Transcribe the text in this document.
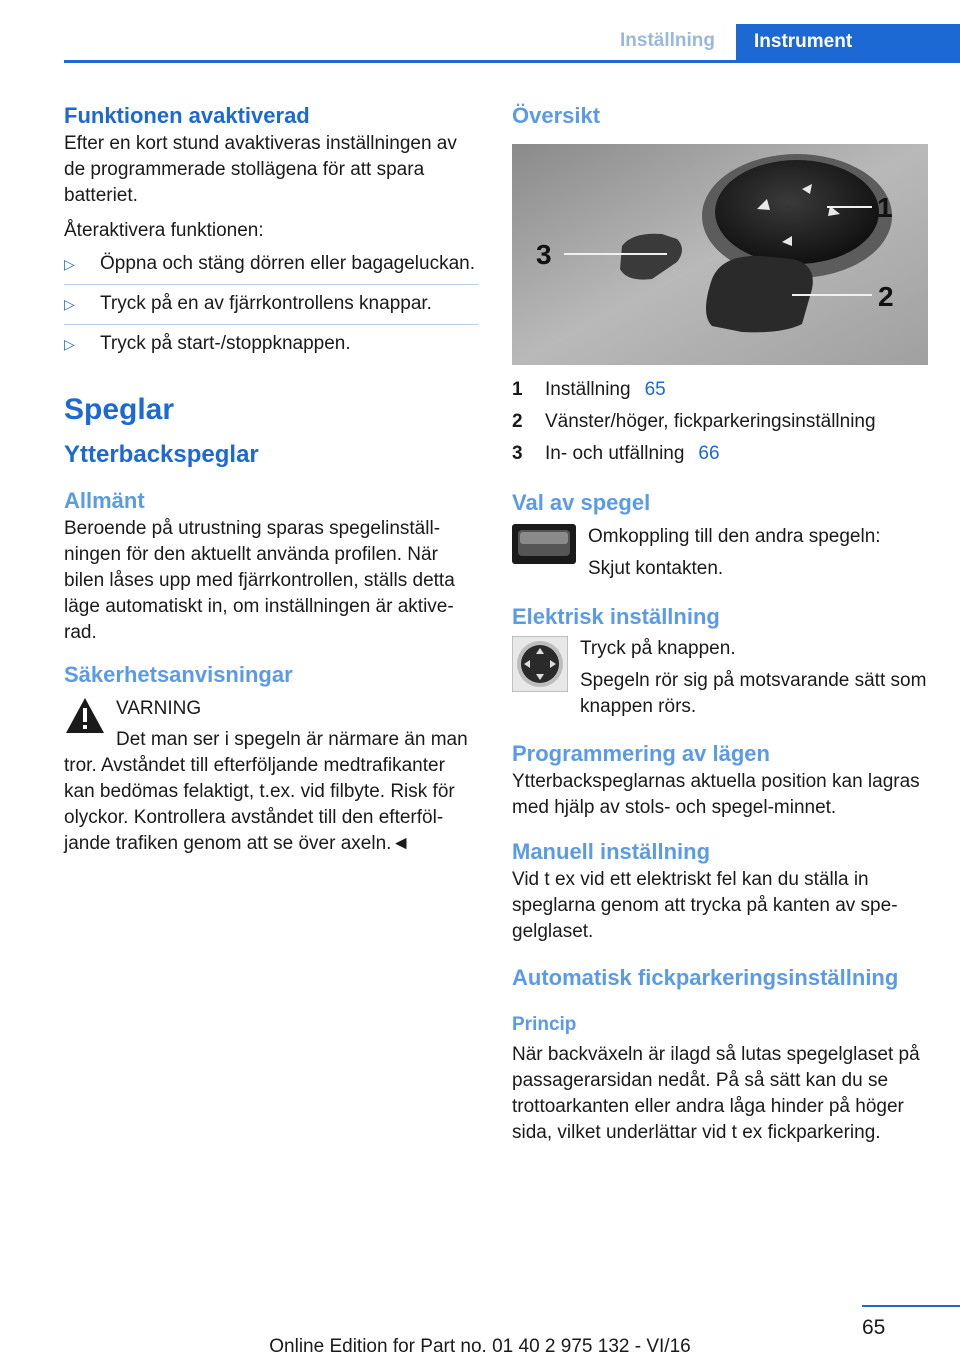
Inställning	Instrument
Funktionen avaktiverad

Efter en kort stund avaktiveras inställningen av de programmerade stollägena för att spara batteriet.

Återaktivera funktionen:

▷	Öppna och stäng dörren eller bagageluckan.
▷	Tryck på en av fjärrkontrollens knappar.
▷	Tryck på start-/stoppknappen.
Speglar
Ytterbackspeglar
Allmänt

Beroende på utrustning sparas spegelinställningen för den aktuellt använda profilen. När bilen låses upp med fjärrkontrollen, ställs detta läge automatiskt in, om inställningen är aktiverad.

Säkerhetsanvisningar

VARNING

Det man ser i spegeln är närmare än man

tror. Avståndet till efterföljande medtrafikanter kan bedömas felaktigt, t.ex. vid filbyte. Risk för olyckor. Kontrollera avståndet till den efterföljande trafiken genom att se över axeln.◄

Översikt
1
2
3
1	Inställning 65
2	Vänster/höger, fickparkeringsinställning
3	In- och utfällning 66
Val av spegel

Omkoppling till den andra spegeln:

Skjut kontakten.

Elektrisk inställning

Tryck på knappen.

Spegeln rör sig på motsvarande sätt som knappen rörs.

Programmering av lägen

Ytterbackspeglarnas aktuella position kan lagras med hjälp av stols- och spegel-minnet.

Manuell inställning

Vid t ex vid ett elektriskt fel kan du ställa in speglarna genom att trycka på kanten av spegelglaset.

Automatisk fickparkeringsinställning
Princip

När backväxeln är ilagd så lutas spegelglaset på passagerarsidan nedåt. På så sätt kan du se trottoarkanten eller andra låga hinder på höger sida, vilket underlättar vid t ex fickparkering.

65
Online Edition for Part no. 01 40 2 975 132 - VI/16
